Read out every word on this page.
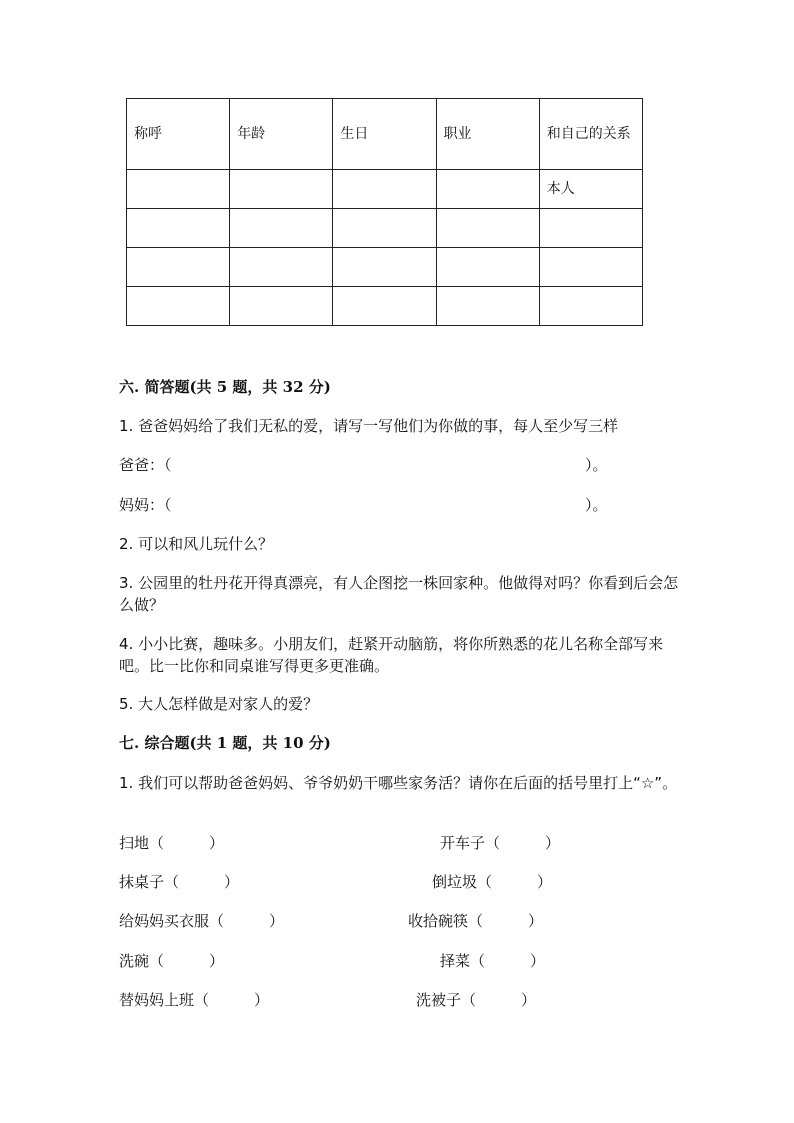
称呼	年龄	生日	职业	和自己的关系
				本人

六. 简答题(共 5 题，共 32 分)
1. 爸爸妈妈给了我们无私的爱，请写一写他们为你做的事，每人至少写三样
爸爸：（	）。
妈妈：（	）。
2. 可以和风儿玩什么？
3. 公园里的牡丹花开得真漂亮，有人企图挖一株回家种。他做得对吗？你看到后会怎么做？
4. 小小比赛，趣味多。小朋友们，赶紧开动脑筋，将你所熟悉的花儿名称全部写来吧。比一比你和同桌谁写得更多更准确。
5. 大人怎样做是对家人的爱？
七. 综合题(共 1 题，共 10 分)
1. 我们可以帮助爸爸妈妈、爷爷奶奶干哪些家务活？请你在后面的括号里打上“☆”。
扫地（　　　）	开车子（　　　）
抹桌子（　　　）	倒垃圾（　　　）
给妈妈买衣服（　　　）	收拾碗筷（　　　）
洗碗（　　　）	择菜（　　　）
替妈妈上班（　　　）	洗被子（　　　）
